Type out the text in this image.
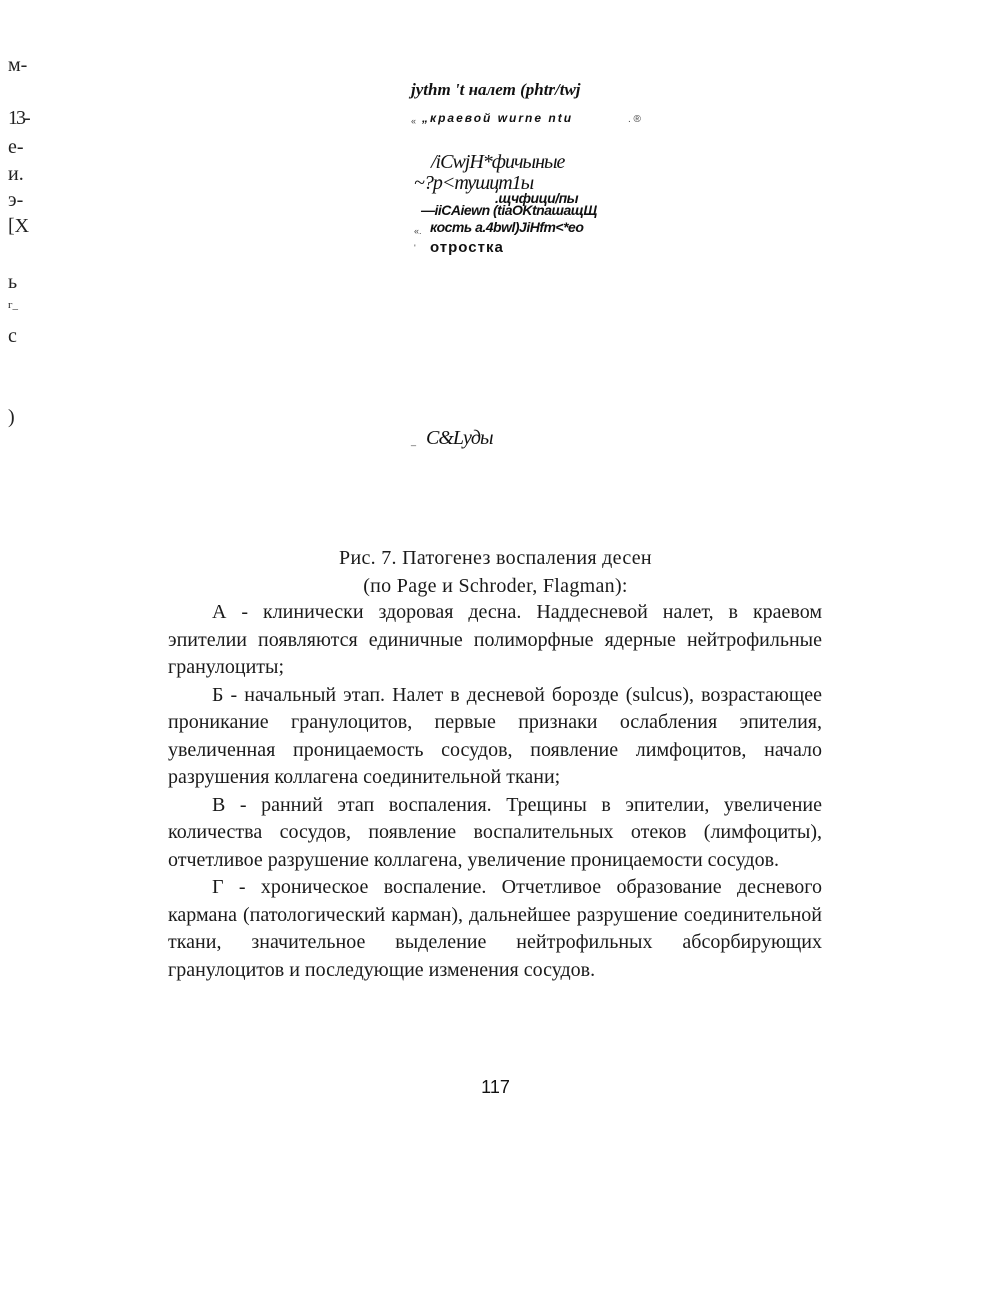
м-
13-
е-
и.
э-
[X
ь
г_
с
)
jythm 't налет (phtr/twj
« „краевой wurne ntu	. ®
/iCwjH*фичыные
~?p<тушцт1ы
.щчфицu/пы
—iiCAiewn (tiaOKtnaшaщЩ
«. кость a.4bwl)JiHfm<*eo
' отростка
_ C&Lуды
Рис. 7. Патогенез воспаления десен
(по Page и Schroder, Flagman):

А - клинически здоровая десна. Наддесневой налет, в краевом эпителии появляются единичные полиморфные ядерные нейтрофильные гранулоциты;

Б - начальный этап. Налет в десневой борозде (sulcus), возрастающее проникание гранулоцитов, первые признаки ослабления эпителия, увеличенная проницаемость сосудов, появление лимфоцитов, начало разрушения коллагена соединительной ткани;

В - ранний этап воспаления. Трещины в эпителии, увеличение количества сосудов, появление воспалительных отеков (лимфоциты), отчетливое разрушение коллагена, увеличение проницаемости сосудов.

Г - хроническое воспаление. Отчетливое образование десневого кармана (патологический карман), дальнейшее разрушение соединительной ткани, значительное выделение нейтрофильных абсорбирующих гранулоцитов и последующие изменения сосудов.

117
